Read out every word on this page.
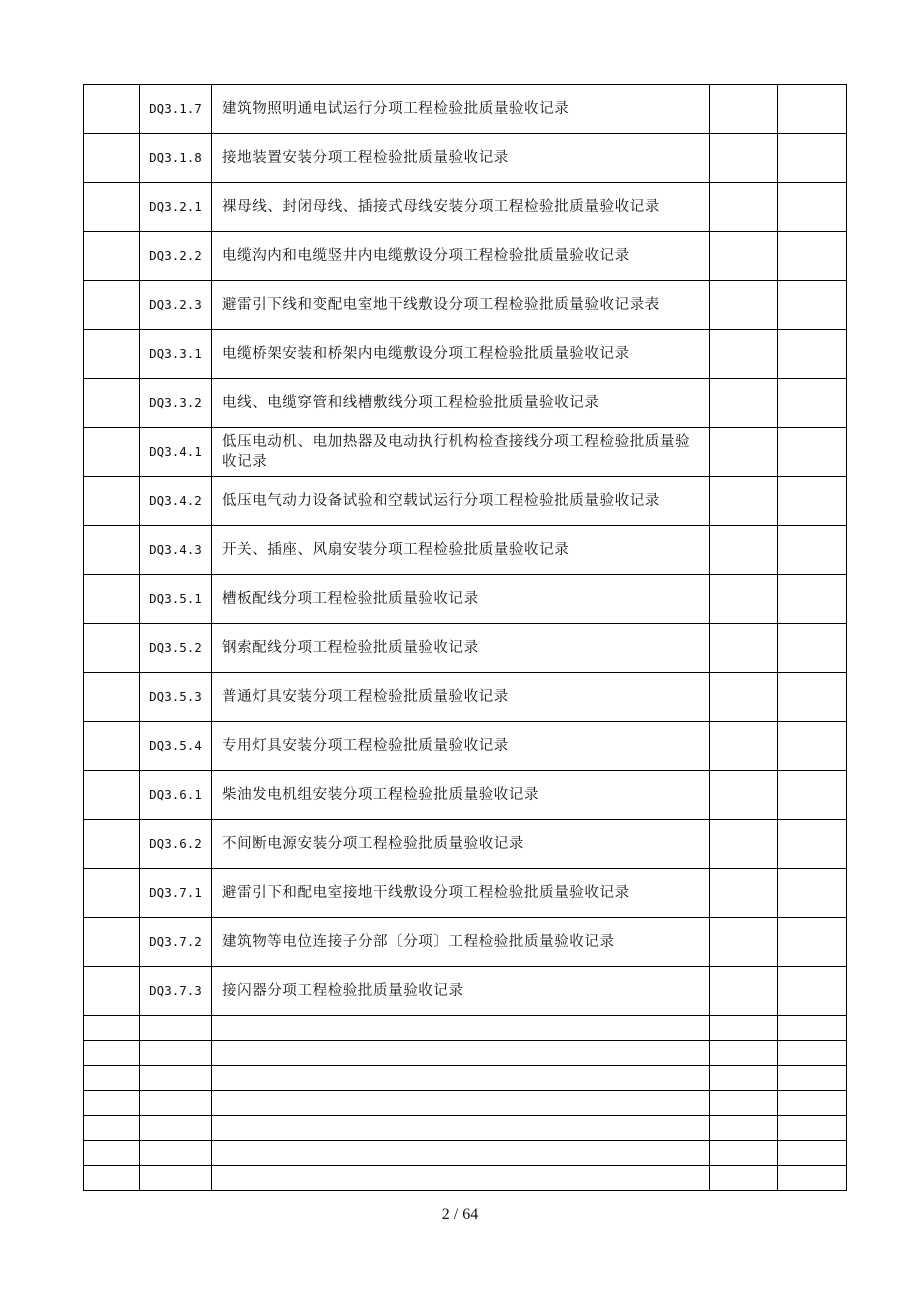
	DQ3.1.7	建筑物照明通电试运行分项工程检验批质量验收记录		

	DQ3.1.8	接地装置安装分项工程检验批质量验收记录		

	DQ3.2.1	裸母线、封闭母线、插接式母线安装分项工程检验批质量验收记录		

	DQ3.2.2	电缆沟内和电缆竖井内电缆敷设分项工程检验批质量验收记录		

	DQ3.2.3	避雷引下线和变配电室地干线敷设分项工程检验批质量验收记录表		

	DQ3.3.1	电缆桥架安装和桥架内电缆敷设分项工程检验批质量验收记录		

	DQ3.3.2	电线、电缆穿管和线槽敷线分项工程检验批质量验收记录		

	DQ3.4.1	低压电动机、电加热器及电动执行机构检查接线分项工程检验批质量验收记录		

	DQ3.4.2	低压电气动力设备试验和空载试运行分项工程检验批质量验收记录		

	DQ3.4.3	开关、插座、风扇安装分项工程检验批质量验收记录		

	DQ3.5.1	槽板配线分项工程检验批质量验收记录		

	DQ3.5.2	钢索配线分项工程检验批质量验收记录		

	DQ3.5.3	普通灯具安装分项工程检验批质量验收记录		

	DQ3.5.4	专用灯具安装分项工程检验批质量验收记录		

	DQ3.6.1	柴油发电机组安装分项工程检验批质量验收记录		

	DQ3.6.2	不间断电源安装分项工程检验批质量验收记录		

	DQ3.7.1	避雷引下和配电室接地干线敷设分项工程检验批质量验收记录		

	DQ3.7.2	建筑物等电位连接子分部〔分项〕工程检验批质量验收记录		

	DQ3.7.3	接闪器分项工程检验批质量验收记录		

2 / 64
